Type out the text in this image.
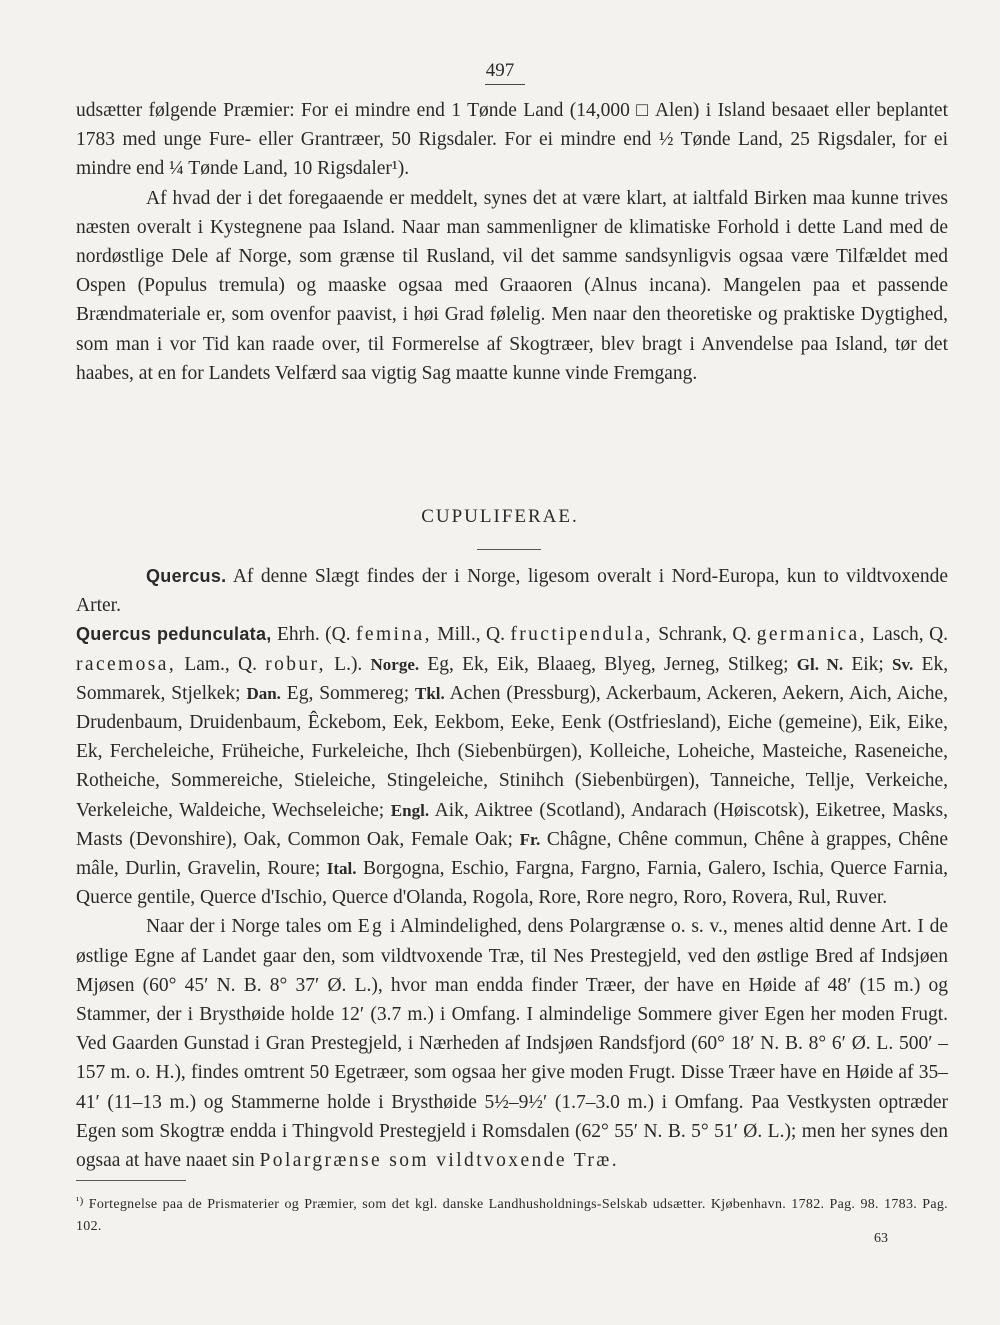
497

udsætter følgende Præmier: For ei mindre end 1 Tønde Land (14,000 □ Alen) i Island besaaet eller beplantet 1783 med unge Fure- eller Grantræer, 50 Rigsdaler. For ei mindre end ½ Tønde Land, 25 Rigsdaler, for ei mindre end ¼ Tønde Land, 10 Rigsdaler¹).

Af hvad der i det foregaaende er meddelt, synes det at være klart, at ialtfald Birken maa kunne trives næsten overalt i Kystegnene paa Island. Naar man sammenligner de klimatiske Forhold i dette Land med de nordøstlige Dele af Norge, som grænse til Rusland, vil det samme sandsynligvis ogsaa være Tilfældet med Ospen (Populus tremula) og maaske ogsaa med Graaoren (Alnus incana). Mangelen paa et passende Brændmateriale er, som ovenfor paavist, i høi Grad følelig. Men naar den theoretiske og praktiske Dygtighed, som man i vor Tid kan raade over, til Formerelse af Skogtræer, blev bragt i Anvendelse paa Island, tør det haabes, at en for Landets Velfærd saa vigtig Sag maatte kunne vinde Fremgang.

CUPULIFERAE.

Quercus. Af denne Slægt findes der i Norge, ligesom overalt i Nord-Europa, kun to vildtvoxende Arter.

Quercus pedunculata, Ehrh. (Q. femina, Mill., Q. fructipendula, Schrank, Q. germanica, Lasch, Q. racemosa, Lam., Q. robur, L.). Norge. Eg, Ek, Eik, Blaaeg, Blyeg, Jerneg, Stilkeg; Gl. N. Eik; Sv. Ek, Sommarek, Stjelkek; Dan. Eg, Sommereg; Tkl. Achen (Pressburg), Ackerbaum, Ackeren, Aekern, Aich, Aiche, Drudenbaum, Druidenbaum, Êckebom, Eek, Eekbom, Eeke, Eenk (Ostfriesland), Eiche (gemeine), Eik, Eike, Ek, Fercheleiche, Früheiche, Furkeleiche, Ihch (Siebenbürgen), Kolleiche, Loheiche, Masteiche, Raseneiche, Rotheiche, Sommereiche, Stieleiche, Stingeleiche, Stinihch (Siebenbürgen), Tanneiche, Tellje, Verkeiche, Verkeleiche, Waldeiche, Wechseleiche; Engl. Aik, Aiktree (Scotland), Andarach (Høiscotsk), Eiketree, Masks, Masts (Devonshire), Oak, Common Oak, Female Oak; Fr. Châgne, Chêne commun, Chêne à grappes, Chêne mâle, Durlin, Gravelin, Roure; Ital. Borgogna, Eschio, Fargna, Fargno, Farnia, Galero, Ischia, Querce Farnia, Querce gentile, Querce d'Ischio, Querce d'Olanda, Rogola, Rore, Rore negro, Roro, Rovera, Rul, Ruver.

Naar der i Norge tales om Eg i Almindelighed, dens Polargrænse o. s. v., menes altid denne Art. I de østlige Egne af Landet gaar den, som vildtvoxende Træ, til Nes Prestegjeld, ved den østlige Bred af Indsjøen Mjøsen (60° 45′ N. B. 8° 37′ Ø. L.), hvor man endda finder Træer, der have en Høide af 48′ (15 m.) og Stammer, der i Brysthøide holde 12′ (3.7 m.) i Omfang. I almindelige Sommere giver Egen her moden Frugt. Ved Gaarden Gunstad i Gran Prestegjeld, i Nærheden af Indsjøen Randsfjord (60° 18′ N. B. 8° 6′ Ø. L. 500′ – 157 m. o. H.), findes omtrent 50 Egetræer, som ogsaa her give moden Frugt. Disse Træer have en Høide af 35–41′ (11–13 m.) og Stammerne holde i Brysthøide 5½–9½′ (1.7–3.0 m.) i Omfang. Paa Vestkysten optræder Egen som Skogtræ endda i Thingvold Prestegjeld i Romsdalen (62° 55′ N. B. 5° 51′ Ø. L.); men her synes den ogsaa at have naaet sin Polargrænse som vildtvoxende Træ.

$^{^1)}$ Fortegnelse paa de Prismaterier og Præmier, som det kgl. danske Landhusholdnings-Selskab udsætter. Kjøbenhavn. 1782. Pag. 98. 1783. Pag. 102.
63
